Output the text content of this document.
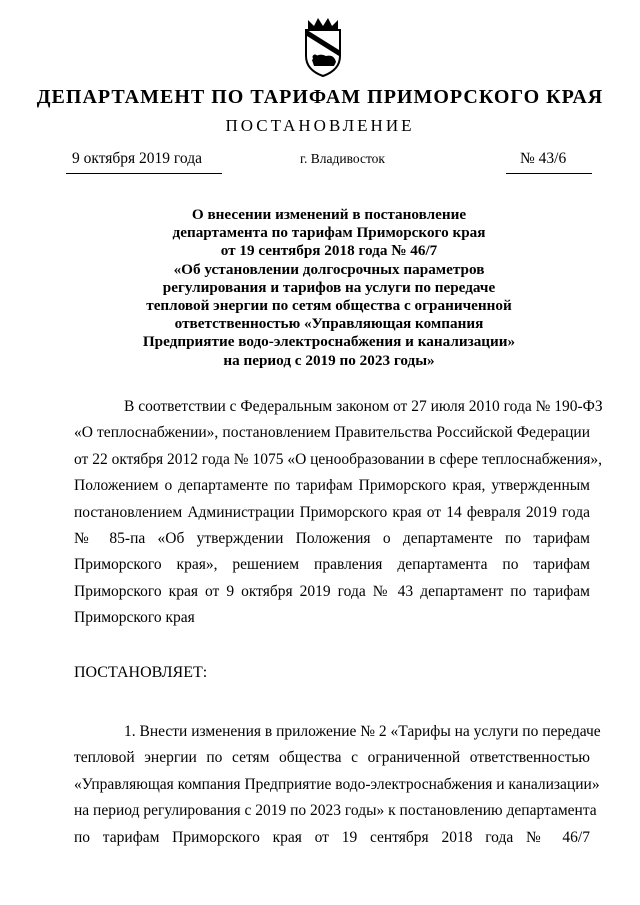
ДЕПАРТАМЕНТ ПО ТАРИФАМ ПРИМОРСКОГО КРАЯ
ПОСТАНОВЛЕНИЕ
9 октября 2019 года	г. Владивосток	№ 43/6
О внесении изменений в постановление
департамента по тарифам Приморского края
от 19 сентября 2018 года № 46/7
«Об установлении долгосрочных параметров
регулирования и тарифов на услуги по передаче
тепловой энергии по сетям общества с ограниченной
ответственностью «Управляющая компания
Предприятие водо-электроснабжения и канализации»
на период с 2019 по 2023 годы»
В соответствии с Федеральным законом от 27 июля 2010 года № 190-ФЗ
«О теплоснабжении», постановлением Правительства Российской Федерации
от 22 октября 2012 года № 1075 «О ценообразовании в сфере теплоснабжения»,
Положением о департаменте по тарифам Приморского края, утвержденным
постановлением Администрации Приморского края от 14 февраля 2019 года
№ 85-па «Об утверждении Положения о департаменте по тарифам
Приморского края», решением правления департамента по тарифам
Приморского края от 9 октября 2019 года № 43 департамент по тарифам
Приморского края
ПОСТАНОВЛЯЕТ:
1. Внести изменения в приложение № 2 «Тарифы на услуги по передаче
тепловой энергии по сетям общества с ограниченной ответственностью
«Управляющая компания Предприятие водо-электроснабжения и канализации»
на период регулирования с 2019 по 2023 годы» к постановлению департамента
по тарифам Приморского края от 19 сентября 2018 года № 46/7
